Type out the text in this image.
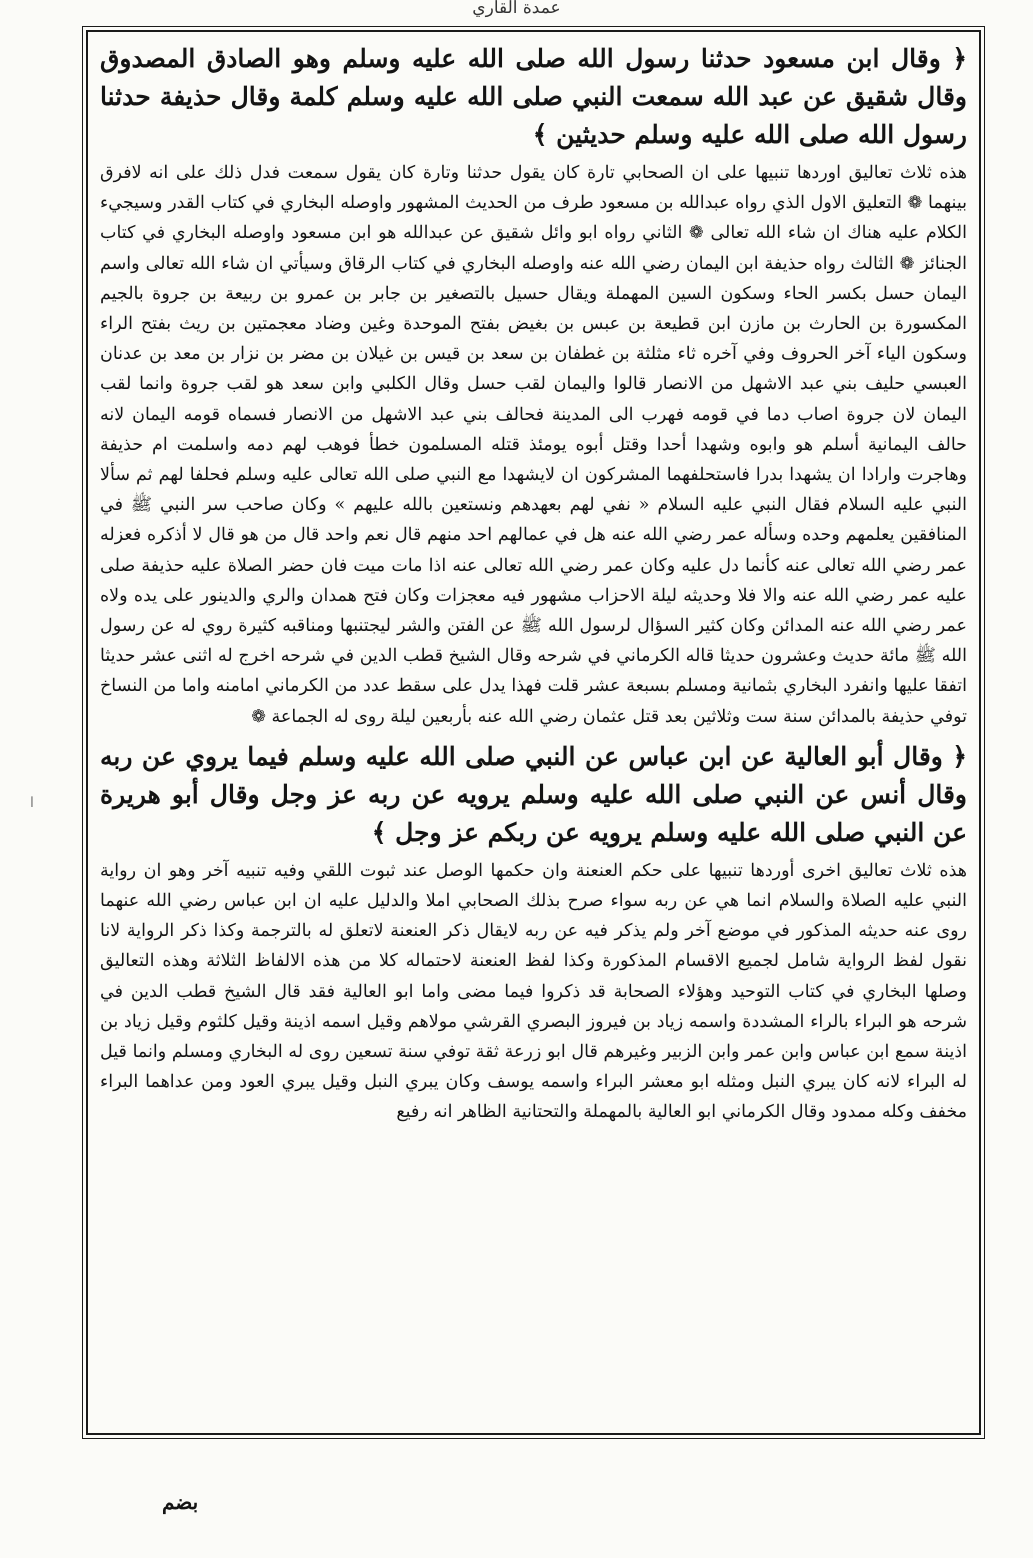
عمدة القاري

﴿ وقال ابن مسعود حدثنا رسول الله صلى الله عليه وسلم وهو الصادق المصدوق وقال شقيق عن عبد الله سمعت النبي صلى الله عليه وسلم كلمة وقال حذيفة حدثنا رسول الله صلى الله عليه وسلم حديثين ﴾

هذه ثلاث تعاليق اوردها تنبيها على ان الصحابي تارة كان يقول حدثنا وتارة كان يقول سمعت فدل ذلك على انه لافرق بينهما ❁ التعليق الاول الذي رواه عبدالله بن مسعود طرف من الحديث المشهور واوصله البخاري في كتاب القدر وسيجيء الكلام عليه هناك ان شاء الله تعالى ❁ الثاني رواه ابو وائل شقيق عن عبدالله هو ابن مسعود واوصله البخاري في كتاب الجنائز ❁ الثالث رواه حذيفة ابن اليمان رضي الله عنه واوصله البخاري في كتاب الرقاق وسيأتي ان شاء الله تعالى واسم اليمان حسل بكسر الحاء وسكون السين المهملة ويقال حسيل بالتصغير بن جابر بن عمرو بن ربيعة بن جروة بالجيم المكسورة بن الحارث بن مازن ابن قطيعة بن عبس بن بغيض بفتح الموحدة وغين وضاد معجمتين بن ريث بفتح الراء وسكون الياء آخر الحروف وفي آخره ثاء مثلثة بن غطفان بن سعد بن قيس بن غيلان بن مضر بن نزار بن معد بن عدنان العبسي حليف بني عبد الاشهل من الانصار قالوا واليمان لقب حسل وقال الكلبي وابن سعد هو لقب جروة وانما لقب اليمان لان جروة اصاب دما في قومه فهرب الى المدينة فحالف بني عبد الاشهل من الانصار فسماه قومه اليمان لانه حالف اليمانية أسلم هو وابوه وشهدا أحدا وقتل أبوه يومئذ قتله المسلمون خطأ فوهب لهم دمه واسلمت ام حذيفة وهاجرت وارادا ان يشهدا بدرا فاستحلفهما المشركون ان لايشهدا مع النبي صلى الله تعالى عليه وسلم فحلفا لهم ثم سألا النبي عليه السلام فقال النبي عليه السلام « نفي لهم بعهدهم ونستعين بالله عليهم » وكان صاحب سر النبي ﷺ في المنافقين يعلمهم وحده وسأله عمر رضي الله عنه هل في عمالهم احد منهم قال نعم واحد قال من هو قال لا أذكره فعزله عمر رضي الله تعالى عنه كأنما دل عليه وكان عمر رضي الله تعالى عنه اذا مات ميت فان حضر الصلاة عليه حذيفة صلى عليه عمر رضي الله عنه والا فلا وحديثه ليلة الاحزاب مشهور فيه معجزات وكان فتح همدان والري والدينور على يده ولاه عمر رضي الله عنه المدائن وكان كثير السؤال لرسول الله ﷺ عن الفتن والشر ليجتنبها ومناقبه كثيرة روي له عن رسول الله ﷺ مائة حديث وعشرون حديثا قاله الكرماني في شرحه وقال الشيخ قطب الدين في شرحه اخرج له اثنى عشر حديثا اتفقا عليها وانفرد البخاري بثمانية ومسلم بسبعة عشر قلت فهذا يدل على سقط عدد من الكرماني امامنه واما من النساخ توفي حذيفة بالمدائن سنة ست وثلاثين بعد قتل عثمان رضي الله عنه بأربعين ليلة روى له الجماعة ❁

﴿ وقال أبو العالية عن ابن عباس عن النبي صلى الله عليه وسلم فيما يروي عن ربه وقال أنس عن النبي صلى الله عليه وسلم يرويه عن ربه عز وجل وقال أبو هريرة عن النبي صلى الله عليه وسلم يرويه عن ربكم عز وجل ﴾

هذه ثلاث تعاليق اخرى أوردها تنبيها على حكم العنعنة وان حكمها الوصل عند ثبوت اللقي وفيه تنبيه آخر وهو ان رواية النبي عليه الصلاة والسلام انما هي عن ربه سواء صرح بذلك الصحابي املا والدليل عليه ان ابن عباس رضي الله عنهما روى عنه حديثه المذكور في موضع آخر ولم يذكر فيه عن ربه لايقال ذكر العنعنة لاتعلق له بالترجمة وكذا ذكر الرواية لانا نقول لفظ الرواية شامل لجميع الاقسام المذكورة وكذا لفظ العنعنة لاحتماله كلا من هذه الالفاظ الثلاثة وهذه التعاليق وصلها البخاري في كتاب التوحيد وهؤلاء الصحابة قد ذكروا فيما مضى واما ابو العالية فقد قال الشيخ قطب الدين في شرحه هو البراء بالراء المشددة واسمه زياد بن فيروز البصري القرشي مولاهم وقيل اسمه اذينة وقيل كلثوم وقيل زياد بن اذينة سمع ابن عباس وابن عمر وابن الزبير وغيرهم قال ابو زرعة ثقة توفي سنة تسعين روى له البخاري ومسلم وانما قيل له البراء لانه كان يبري النبل ومثله ابو معشر البراء واسمه يوسف وكان يبري النبل وقيل يبري العود ومن عداهما البراء مخفف وكله ممدود وقال الكرماني ابو العالية بالمهملة والتحتانية الظاهر انه رفيع

ا
بضم
